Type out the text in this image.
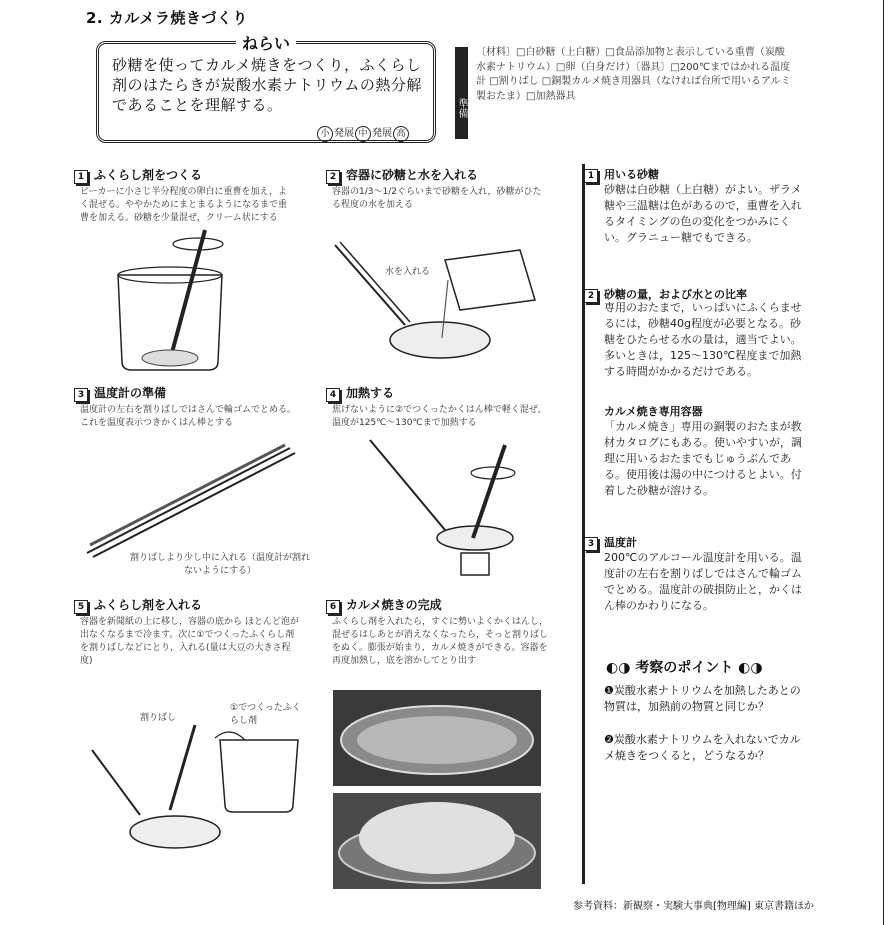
2. カルメラ焼きづくり
ねらい
砂糖を使ってカルメ焼きをつくり，ふくらし剤のはたらきが炭酸水素ナトリウムの熱分解であることを理解する。
小 発展 中 発展 高
準備
〔材料〕□白砂糖（上白糖）□食品添加物と表示している重曹（炭酸水素ナトリウム）□卵（白身だけ）〔器具〕□200℃まではかれる温度計 □割りばし □銅製カルメ焼き用器具（なければ台所で用いるアルミ製おたま）□加熱器具
1 ふくらし剤をつくる
ビーカーに小さじ半分程度の卵白に重曹を加え，よく混ぜる。ややかためにまとまるようになるまで重曹を加える。砂糖を少量混ぜ，クリーム状にする
2 容器に砂糖と水を入れる
容器の1/3～1/2ぐらいまで砂糖を入れ，砂糖がひたる程度の水を加える
水を入れる
3 温度計の準備
温度計の左右を割りばしではさんで輪ゴムでとめる。これを温度表示つきかくはん棒とする
割りばしより少し中に入れる（温度計が割れないようにする）
4 加熱する
焦げないように②でつくったかくはん棒で軽く混ぜ，温度が125℃～130℃まで加熱する
5 ふくらし剤を入れる
容器を新聞紙の上に移し，容器の底から ほとんど泡が出なくなるまで冷ます。次に①でつくったふくらし剤を割りばしなどにとり，入れる(量は大豆の大きさ程度)
割りばし
①でつくったふくらし剤
6 カルメ焼きの完成
ふくらし剤を入れたら，すぐに勢いよくかくはんし，混ぜるはしあとが消えなくなったら，そっと割りばしをぬく。膨張が始まり，カルメ焼きができる。容器を再度加熱し，底を溶かしてとり出す
1 用いる砂糖
砂糖は白砂糖（上白糖）がよい。ザラメ糖や三温糖は色があるので，重曹を入れるタイミングの色の変化をつかみにくい。グラニュー糖でもできる。
2 砂糖の量，および水との比率
専用のおたまで，いっぱいにふくらませるには，砂糖40g程度が必要となる。砂糖をひたらせる水の量は，適当でよい。多いときは，125～130℃程度まで加熱する時間がかかるだけである。
カルメ焼き専用容器
「カルメ焼き」専用の銅製のおたまが教材カタログにもある。使いやすいが，調理に用いるおたまでもじゅうぶんである。使用後は湯の中につけるとよい。付着した砂糖が溶ける。
3 温度計
200℃のアルコール温度計を用いる。温度計の左右を割りばしではさんで輪ゴムでとめる。温度計の破損防止と，かくはん棒のかわりになる。
◐◑ 考察のポイント ◐◑
❶炭酸水素ナトリウムを加熱したあとの物質は，加熱前の物質と同じか？
❷炭酸水素ナトリウムを入れないでカルメ焼きをつくると，どうなるか？
参考資料：新観察・実験大事典[物理編] 東京書籍ほか
